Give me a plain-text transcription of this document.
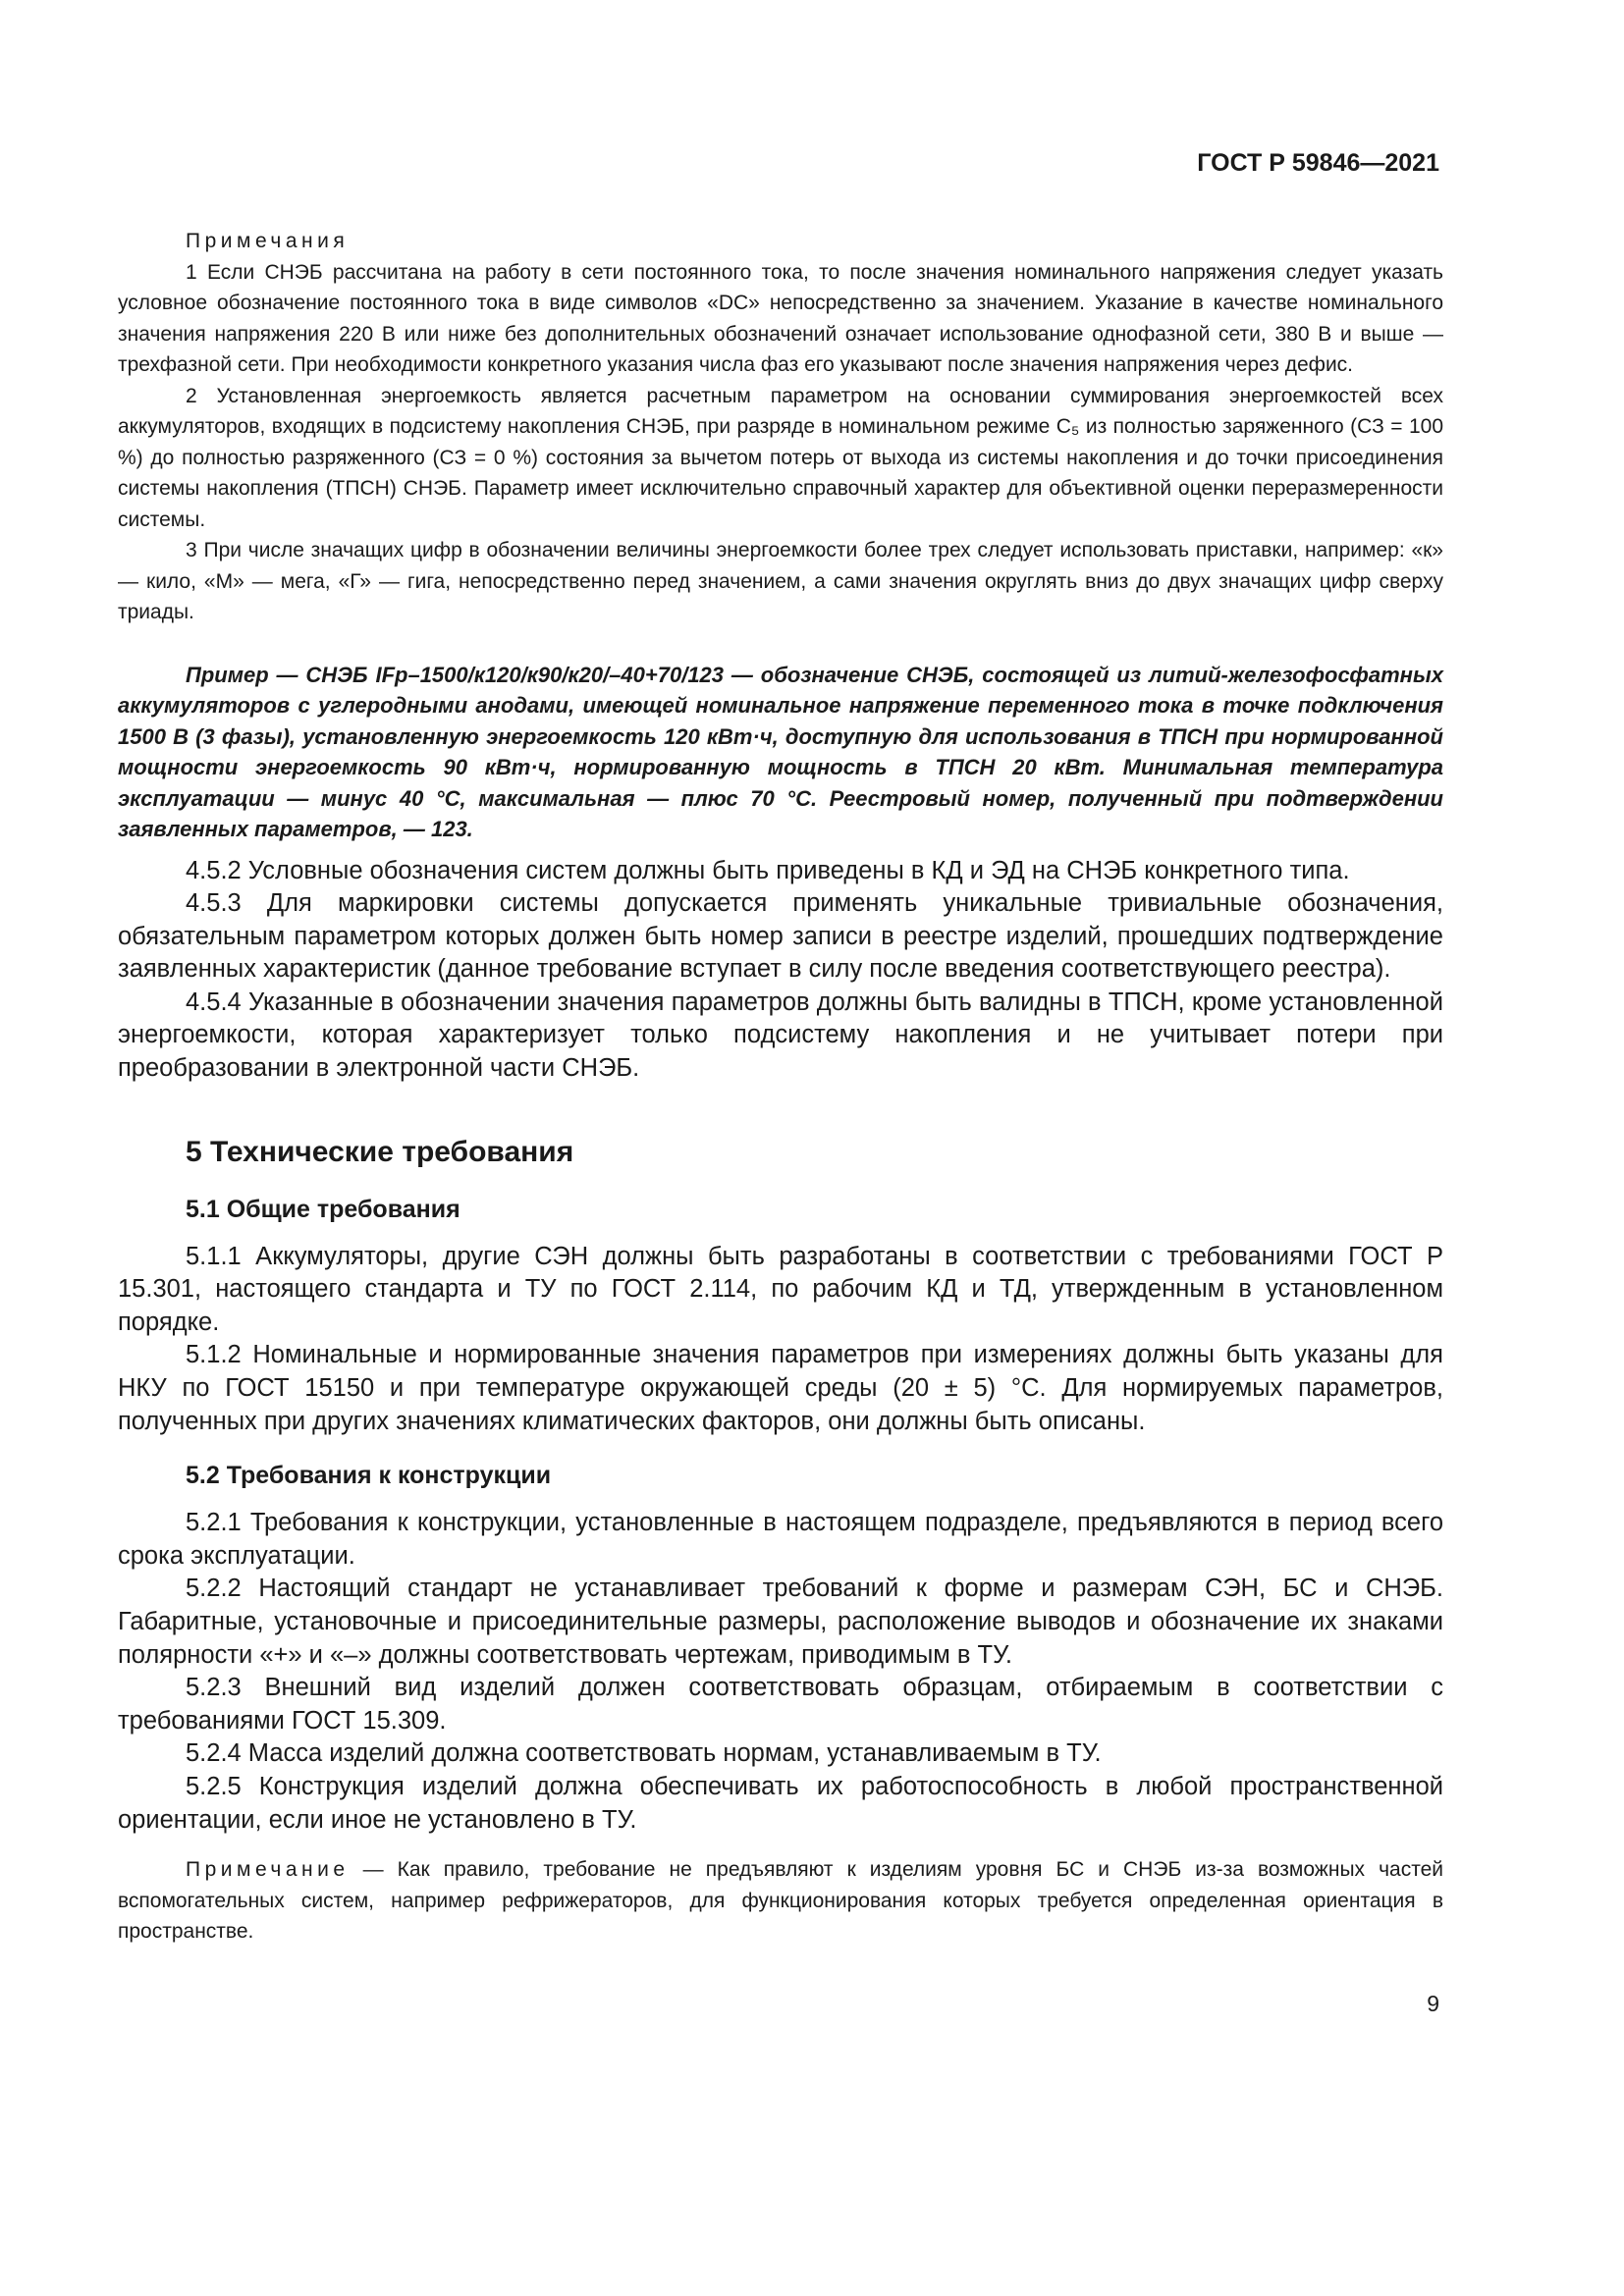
ГОСТ Р 59846—2021

Примечания

1 Если СНЭБ рассчитана на работу в сети постоянного тока, то после значения номинального напряжения следует указать условное обозначение постоянного тока в виде символов «DC» непосредственно за значением. Указание в качестве номинального значения напряжения 220 В или ниже без дополнительных обозначений означает использование однофазной сети, 380 В и выше — трехфазной сети. При необходимости конкретного указания числа фаз его указывают после значения напряжения через дефис.

2 Установленная энергоемкость является расчетным параметром на основании суммирования энергоемкостей всех аккумуляторов, входящих в подсистему накопления СНЭБ, при разряде в номинальном режиме C₅ из полностью заряженного (СЗ = 100 %) до полностью разряженного (СЗ = 0 %) состояния за вычетом потерь от выхода из системы накопления и до точки присоединения системы накопления (ТПСН) СНЭБ. Параметр имеет исключительно справочный характер для объективной оценки переразмеренности системы.

3 При числе значащих цифр в обозначении величины энергоемкости более трех следует использовать приставки, например: «к» — кило, «М» — мега, «Г» — гига, непосредственно перед значением, а сами значения округлять вниз до двух значащих цифр сверху триады.

Пример — СНЭБ IFp–1500/к120/к90/к20/–40+70/123 — обозначение СНЭБ, состоящей из литий-железофосфатных аккумуляторов с углеродными анодами, имеющей номинальное напряжение переменного тока в точке подключения 1500 В (3 фазы), установленную энергоемкость 120 кВт·ч, доступную для использования в ТПСН при нормированной мощности энергоемкость 90 кВт·ч, нормированную мощность в ТПСН 20 кВт. Минимальная температура эксплуатации — минус 40 °С, максимальная — плюс 70 °С. Реестровый номер, полученный при подтверждении заявленных параметров, — 123.

4.5.2 Условные обозначения систем должны быть приведены в КД и ЭД на СНЭБ конкретного типа.

4.5.3 Для маркировки системы допускается применять уникальные тривиальные обозначения, обязательным параметром которых должен быть номер записи в реестре изделий, прошедших подтверждение заявленных характеристик (данное требование вступает в силу после введения соответствующего реестра).

4.5.4 Указанные в обозначении значения параметров должны быть валидны в ТПСН, кроме установленной энергоемкости, которая характеризует только подсистему накопления и не учитывает потери при преобразовании в электронной части СНЭБ.

5 Технические требования
5.1 Общие требования

5.1.1 Аккумуляторы, другие СЭН должны быть разработаны в соответствии с требованиями ГОСТ Р 15.301, настоящего стандарта и ТУ по ГОСТ 2.114, по рабочим КД и ТД, утвержденным в установленном порядке.

5.1.2 Номинальные и нормированные значения параметров при измерениях должны быть указаны для НКУ по ГОСТ 15150 и при температуре окружающей среды (20 ± 5) °С. Для нормируемых параметров, полученных при других значениях климатических факторов, они должны быть описаны.

5.2 Требования к конструкции

5.2.1 Требования к конструкции, установленные в настоящем подразделе, предъявляются в период всего срока эксплуатации.

5.2.2 Настоящий стандарт не устанавливает требований к форме и размерам СЭН, БС и СНЭБ. Габаритные, установочные и присоединительные размеры, расположение выводов и обозначение их знаками полярности «+» и «–» должны соответствовать чертежам, приводимым в ТУ.

5.2.3 Внешний вид изделий должен соответствовать образцам, отбираемым в соответствии с требованиями ГОСТ 15.309.

5.2.4 Масса изделий должна соответствовать нормам, устанавливаемым в ТУ.

5.2.5 Конструкция изделий должна обеспечивать их работоспособность в любой пространственной ориентации, если иное не установлено в ТУ.

Примечание — Как правило, требование не предъявляют к изделиям уровня БС и СНЭБ из-за возможных частей вспомогательных систем, например рефрижераторов, для функционирования которых требуется определенная ориентация в пространстве.

9
